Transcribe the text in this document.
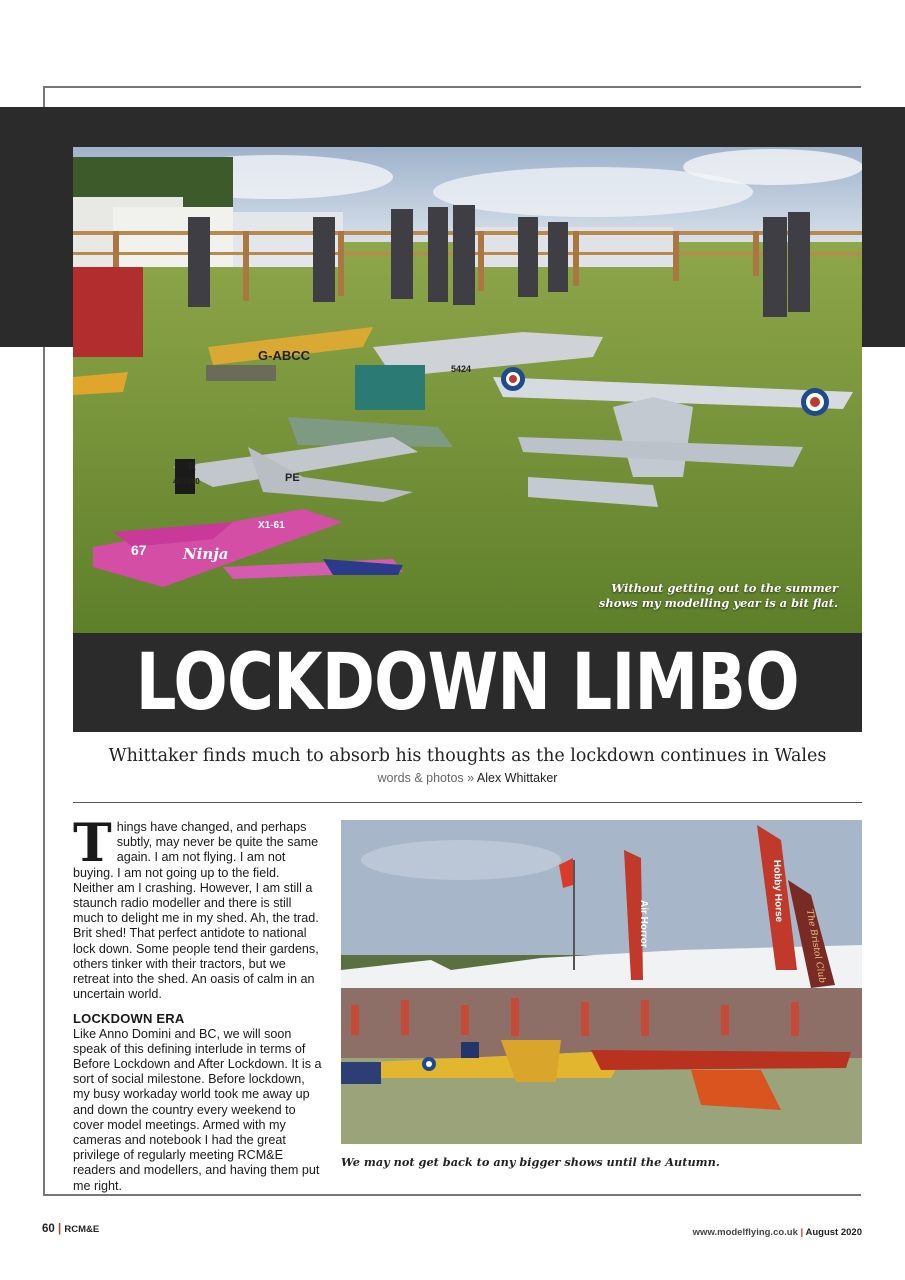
G-ABCC
67 Ninja
X1-61
R
451540	PE
5424
Without getting out to the summer shows my modelling year is a bit flat.
LOCKDOWN LIMBO
Whittaker finds much to absorb his thoughts as the lockdown continues in Wales
words & photos » Alex Whittaker

Things have changed, and perhaps subtly, may never be quite the same again. I am not flying. I am not buying. I am not going up to the field. Neither am I crashing. However, I am still a staunch radio modeller and there is still much to delight me in my shed. Ah, the trad. Brit shed! That perfect antidote to national lock down. Some people tend their gardens, others tinker with their tractors, but we retreat into the shed. An oasis of calm in an uncertain world.

LOCKDOWN ERA

Like Anno Domini and BC, we will soon speak of this defining interlude in terms of Before Lockdown and After Lockdown. It is a sort of social milestone. Before lockdown, my busy workaday world took me away up and down the country every weekend to cover model meetings. Armed with my cameras and notebook I had the great privilege of regularly meeting RCM&E readers and modellers, and having them put me right.

Air Horror
Hobby Horse
The Bristol Club
We may not get back to any bigger shows until the Autumn.
60 | RCM&E	www.modelflying.co.uk | August 2020
